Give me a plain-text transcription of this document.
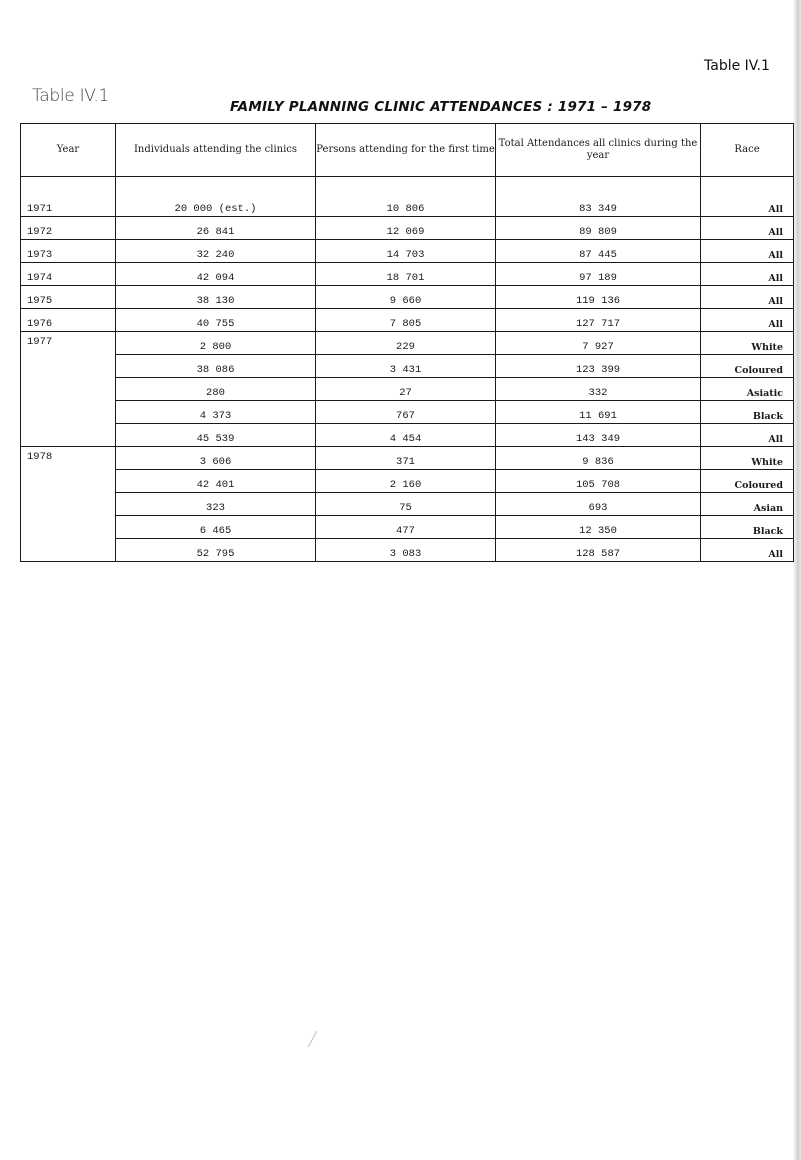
Table IV.1
Table IV.1
FAMILY PLANNING CLINIC ATTENDANCES : 1971 – 1978
Year	Individuals attending the clinics	Persons attending for the first time	Total Attendances all clinics during the year	Race
1971	20 000 (est.)	10 806	83 349	All
1972	26 841	12 069	89 809	All
1973	32 240	14 703	87 445	All
1974	42 094	18 701	97 189	All
1975	38 130	9 660	119 136	All
1976	40 755	7 805	127 717	All
1977	2 800	229	7 927	White
	38 086	3 431	123 399	Coloured
	280	27	332	Asiatic
	4 373	767	11 691	Black
	45 539	4 454	143 349	All
1978	3 606	371	9 836	White
	42 401	2 160	105 708	Coloured
	323	75	693	Asian
	6 465	477	12 350	Black
	52 795	3 083	128 587	All
